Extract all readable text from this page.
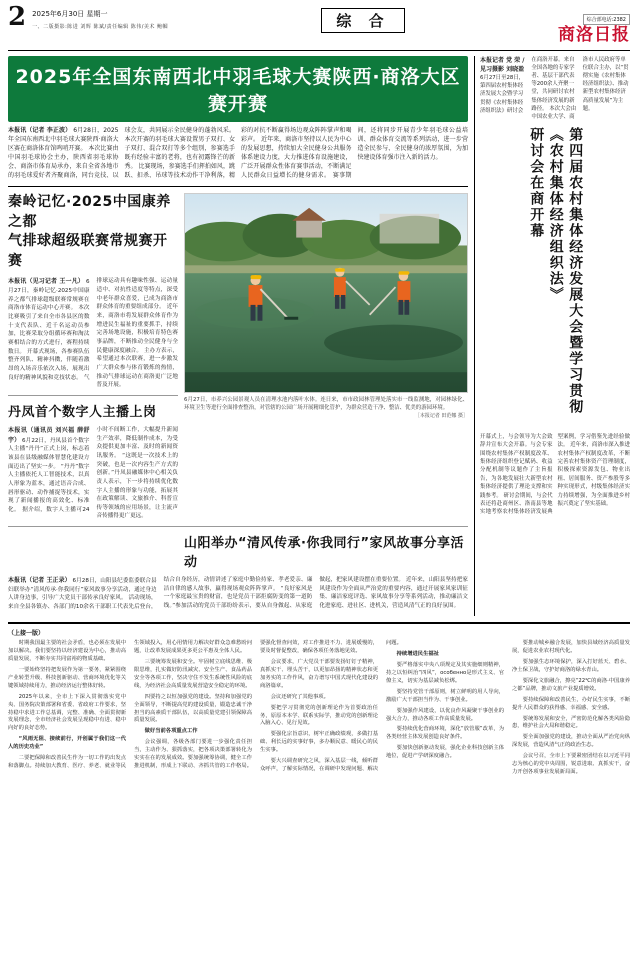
2 2025年6月30日 星期一
一、二版摄影:陈进 刘辉 陈斌/责任编辑 陈伟/美术 鲍帼	综 合	综合部电话:2382
商洛日报
2025年全国东南西北中羽毛球大赛陕西·商洛大区赛开赛
本报讯（记者 李正波） 6月28日，2025年全国东南西北中羽毛球大赛陕西·商洛大区赛在商洛体育馆鸣哨开赛。 本次比赛由中国羽毛球协会主办，陕西省羽毛球协会、商洛市体育局承办，来自全省各地市的羽毛球爱好者齐聚商洛，同台竞技、以球会友，共同展示全民健身的蓬勃风采。 本次开赛的羽毛球大赛设置男子双打、女子双打、混合双打等多个组别，参赛选手既有经验丰富的老将，也有初露锋芒的新秀。 比赛现场，参赛选手们挥拍如风，跳跃、扣杀、吊球等技术动作干净利落，精彩的对抗不断赢得场边观众阵阵掌声和喝彩声。 近年来，商洛市坚持以人民为中心的发展思想，持续加大全民健身公共服务体系建设力度，大力推进体育设施建设，广泛开展群众性体育赛事活动，不断满足人民群众日益增长的健身需求。 赛事期间，还将同步开展青少年羽毛球公益培训、群众体育交流等系列活动，进一步营造全民参与、全民健身的浓厚氛围，为加快建设体育强市注入新的活力。
秦岭记忆·2025中国康养之都
气排球超级联赛常规赛开赛
本报讯（见习记者 王一凡） 6月27日，秦岭记忆·2025中国康养之都气排球超级联赛常规赛在商洛市体育运动中心开赛。 本次比赛吸引了来自全市各县区的数十支代表队、近千名运动员参加，比赛采取分组循环赛和淘汰赛相结合的方式进行，赛程持续数日。 开幕式现场，各参赛队伍整齐列队、精神抖擞，伴随着激昂的入场音乐依次入场，展现出良好的精神风貌和竞技状态。 气排球运动具有趣味性强、运动量适中、对抗性适度等特点，深受中老年群众喜爱，已成为商洛市群众体育的重要组成部分。 近年来，商洛市将发展群众体育作为增进民生福祉的重要抓手，持续完善场地设施，积极培育特色赛事品牌，不断推动全民健身与全民健康深度融合。 主办方表示，希望通过本次联赛，进一步激发广大群众参与体育锻炼的热情，推动气排球运动在商洛更广泛地普及开展。
丹凤首个数字人主播上岗
本报讯（通讯员 刘兴福 薛舒宇） 6月22日，丹凤县首个数字人主播“丹丹”正式上岗，标志着该县在县级融媒体智慧化建设方面迈出了坚实一步。 “丹丹”数字人主播依托人工智能技术，以真人形象为蓝本，通过语音合成、唇形驱动、动作捕捉等技术，实现了新闻播报的高效化、标准化。 据介绍，数字人主播可24小时不间断工作，大幅提升新闻生产效率，降低制作成本，为受众提供更加丰富、及时的新闻资讯服务。 “这既是一次技术上的突破，也是一次内容生产方式的创新。”丹凤县融媒体中心相关负责人表示，下一步将持续优化数字人主播的形象与功能，拓展其在政策解读、文旅推介、科普宣传等领域的应用场景，让主流声音传播得更广更远。
6月27日，市养兴公园景观人员在清理水池内落叶水体。连日来，市市政园林管理处落实市一线监测地，对园林绿化、环境卫生等进行全面排查整治，对管辖的公园广场开展精细化管护，为群众营造干净、整洁、优美的游园环境。
［本报记者 田范娜 摄］
山阳举办“清风传承·你我同行”家风故事分享活动
本报讯（记者 王正录） 6月28日，山阳县纪委监委联合县妇联举办“清风传承·你我同行”家风故事分享活动，通过身边人讲身边事，引导广大党员干部传承良好家风。 活动现场，来自全县各镇办、各部门的10余名干部职工代表先后登台，结合自身经历，动情讲述了家庭中勤俭持家、孝老爱亲、廉洁自律的感人故事，赢得现场观众阵阵掌声。 “良好家风是一个家庭最宝贵的财富，也是党员干部拒腐防变的第一道防线。”参加活动的党员干部纷纷表示，要从自身做起、从家庭做起，把家风建设摆在重要位置。 近年来，山阳县坚持把家风建设作为全面从严治党的重要内容，通过开展家风家训征集、廉洁家庭评选、家风故事分享等系列活动，推动廉洁文化进家庭、进社区、进机关，营造风清气正的良好氛围。
本报记者 党 荣 / 见习摄影 刘晓盈 6月27日至28日，第四届农村集体经济发展大会暨学习贯彻《农村集体经济组织法》研讨会在商洛开幕。来自全国各地的专家学者、基层干部代表等200余人齐聚一堂，共同研讨农村集体经济发展的新路径。 本次大会由中国农业大学、商洛市人民政府等单位联合主办，以“贯彻实施《农村集体经济组织法》、推动新型农村集体经济高质量发展”为主题。
研讨会在商开幕 《农村集体经济组织法》 第四届农村集体经济发展大会暨学习贯彻
开幕式上，与会领导为大会致辞并宣布大会开幕。与会专家围绕农村集体产权制度改革、集体经济组织登记赋码、收益分配机制等议题作了主旨报告，为各地发展壮大新型农村集体经济提供了理论支撑和实践参考。 研讨会期间，与会代表还将赴商州区、洛南县等地实地考察农村集体经济发展典型案例，学习借鉴先进经验做法。 近年来，商洛市深入推进农村集体产权制度改革，不断完善农村集体资产管理制度，积极探索资源发包、物业出租、居间服务、资产参股等多种实现形式，村级集体经济实力持续增强，为全面推进乡村振兴奠定了坚实基础。
（上接一版）

时期我国最主要的社会矛盾，也必须在发展中加以解决。我们要坚持以经济建设为中心，推动高质量发展，不断夯实共同富裕的物质基础。

一要始终坚持把发展作为第一要务，紧紧围绕产业转型升级、科技创新驱动、营商环境优化等关键领域持续用力，推动经济运行整体好转。

2025年以来，全市上下深入贯彻落实党中央、国务院决策部署和省委、省政府工作要求，坚持稳中求进工作总基调，完整、准确、全面贯彻新发展理念，全市经济社会发展呈现稳中有进、稳中向好的良好态势。

“风雨无阻、接续前行，开创属于我们这一代人的历史功业”

二要把保障和改善民生作为一切工作的出发点和落脚点。持续加大教育、医疗、养老、就业等民生领域投入，用心用情用力解决好群众急难愁盼问题，让改革发展成果更多更公平惠及全体人民。

三要统筹发展和安全。牢固树立底线思维、极限思维，扎实做好防汛减灾、安全生产、食品药品安全等各项工作，坚决守住不发生系统性风险的底线，为经济社会高质量发展营造安全稳定的环境。

四要持之以恒加强党的建设。坚持和加强党的全面领导，不断提高党的建设质量，锻造忠诚干净担当的高素质干部队伍，以高质量党建引领保障高质量发展。

做好当前各项重点工作

会议强调，各级各部门要进一步强化责任担当，主动作为、狠抓落实，把各项决策部署转化为实实在在的发展成效。要加强统筹协调，健全工作推进机制，形成上下联动、齐抓共管的工作格局。要强化督查问效，对工作推进不力、进展缓慢的，要及时督促整改，确保各项任务落地见效。

会议要求，广大党员干部要发扬钉钉子精神，真抓实干、埋头苦干，以更加昂扬的精神状态和更加务实的工作作风，奋力谱写中国式现代化建设的商洛篇章。

会议还研究了其他事项。

要把学习贯彻党的创新理论作为首要政治任务，原原本本学、联系实际学，推动党的创新理论入脑入心、见行见效。

要强化宗旨意识，树牢正确政绩观，多做打基础、利长远的实事好事，多办顺民意、暖民心的民生实事。

要大兴调查研究之风，深入基层一线，倾听群众呼声，了解实际情况，在调研中发现问题、解决问题。

持续增进民生福祉

要严格落实中央八项规定及其实施细则精神，持之以恒纠治“四风”，особенно是形式主义、官僚主义，切实为基层减负松绑。

要坚持党管干部原则，树立鲜明的用人导向，激励广大干部担当作为、干事创业。

要加强作风建设，以优良作风凝聚干事创业的强大合力，推动各项工作高质量发展。

要持续优化营商环境，深化“放管服”改革，为各类经营主体发展创造良好条件。

要加快创新驱动发展，强化企业科技创新主体地位，促进产学研深度融合。

要推动城乡融合发展，加快县域经济高质量发展，促进农业农村现代化。

要加强生态环境保护，深入打好蓝天、碧水、净土保卫战，守护好商洛的绿水青山。

要深化文旅融合，擦亮“22℃的商洛·中国康养之都”品牌，推动文旅产业提质增效。

要持续保障和改善民生，办好民生实事，不断提升人民群众的获得感、幸福感、安全感。

要统筹发展和安全，严密防范化解各类风险隐患，维护社会大局和谐稳定。

要全面加强党的建设，推动全面从严治党向纵深发展，营造风清气正的政治生态。

会议号召，全市上下要紧密团结在以习近平同志为核心的党中央周围，锐意进取、真抓实干，奋力开创各项事业发展新局面。
